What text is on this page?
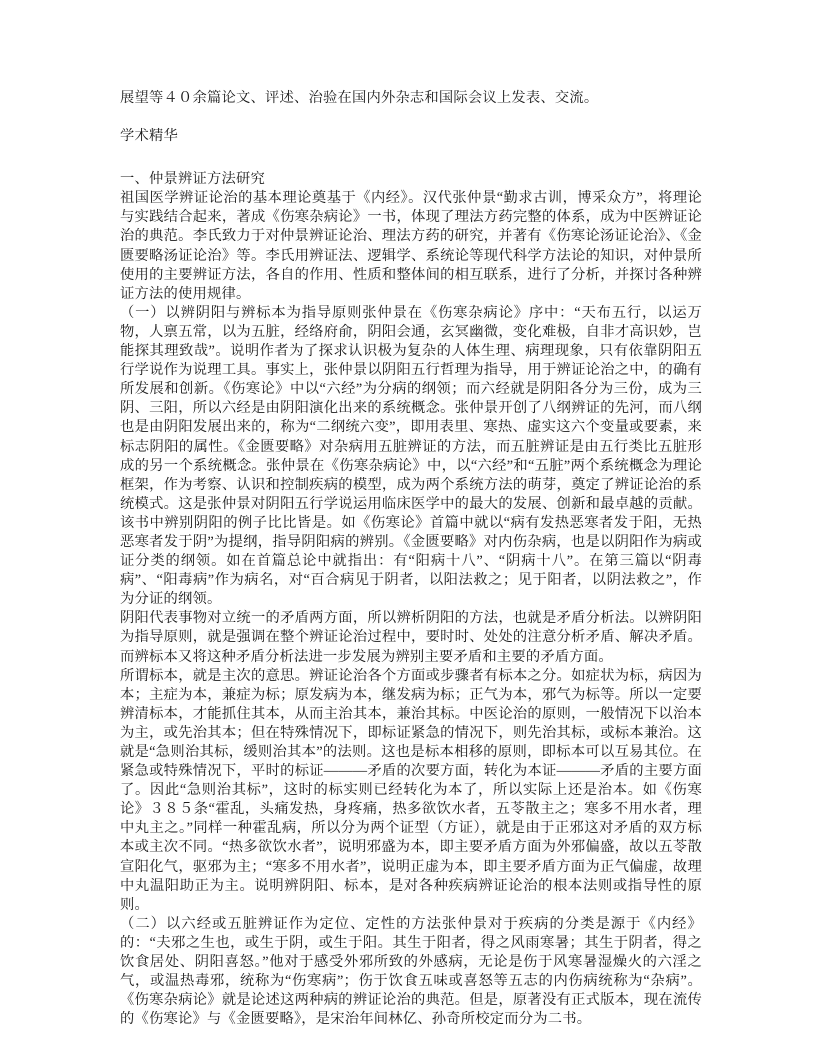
展望等４０余篇论文、评述、治验在国内外杂志和国际会议上发表、交流。

学术精华

一、仲景辨证方法研究

祖国医学辨证论治的基本理论奠基于《内经》。汉代张仲景“勤求古训，博采众方”，将理论与实践结合起来，著成《伤寒杂病论》一书，体现了理法方药完整的体系，成为中医辨证论治的典范。李氏致力于对仲景辨证论治、理法方药的研究，并著有《伤寒论汤证论治》、《金匮要略汤证论治》等。李氏用辨证法、逻辑学、系统论等现代科学方法论的知识，对仲景所使用的主要辨证方法，各自的作用、性质和整体间的相互联系，进行了分析，并探讨各种辨证方法的使用规律。

（一）以辨阴阳与辨标本为指导原则张仲景在《伤寒杂病论》序中：“天布五行，以运万物，人禀五常，以为五脏，经络府俞，阴阳会通，玄冥幽微，变化难极，自非才高识妙，岂能探其理致哉”。说明作者为了探求认识极为复杂的人体生理、病理现象，只有依靠阴阳五行学说作为说理工具。事实上，张仲景以阴阳五行哲理为指导，用于辨证论治之中，的确有所发展和创新。《伤寒论》中以“六经”为分病的纲领；而六经就是阴阳各分为三份，成为三阴、三阳，所以六经是由阴阳演化出来的系统概念。张仲景开创了八纲辨证的先河，而八纲也是由阴阳发展出来的，称为“二纲统六变”，即用表里、寒热、虚实这六个变量或要素，来标志阴阳的属性。《金匮要略》对杂病用五脏辨证的方法，而五脏辨证是由五行类比五脏形成的另一个系统概念。张仲景在《伤寒杂病论》中，以“六经”和“五脏”两个系统概念为理论框架，作为考察、认识和控制疾病的模型，成为两个系统方法的萌芽，奠定了辨证论治的系统模式。这是张仲景对阴阳五行学说运用临床医学中的最大的发展、创新和最卓越的贡献。该书中辨别阴阳的例子比比皆是。如《伤寒论》首篇中就以“病有发热恶寒者发于阳，无热恶寒者发于阴”为提纲，指导阴阳病的辨别。《金匮要略》对内伤杂病，也是以阴阳作为病或证分类的纲领。如在首篇总论中就指出：有“阳病十八”、“阴病十八”。在第三篇以“阴毒病”、“阳毒病”作为病名，对“百合病见于阴者，以阳法救之；见于阳者，以阴法救之”，作为分证的纲领。

阴阳代表事物对立统一的矛盾两方面，所以辨析阴阳的方法，也就是矛盾分析法。以辨阴阳为指导原则，就是强调在整个辨证论治过程中，要时时、处处的注意分析矛盾、解决矛盾。而辨标本又将这种矛盾分析法进一步发展为辨别主要矛盾和主要的矛盾方面。

所谓标本，就是主次的意思。辨证论治各个方面或步骤者有标本之分。如症状为标，病因为本；主症为本，兼症为标；原发病为本，继发病为标；正气为本，邪气为标等。所以一定要辨清标本，才能抓住其本，从而主治其本，兼治其标。中医论治的原则，一般情况下以治本为主，或先治其本；但在特殊情况下，即标证紧急的情况下，则先治其标，或标本兼治。这就是“急则治其标，缓则治其本”的法则。这也是标本相移的原则，即标本可以互易其位。在紧急或特殊情况下，平时的标证———矛盾的次要方面，转化为本证———矛盾的主要方面了。因此“急则治其标”，这时的标实则已经转化为本了，所以实际上还是治本。如《伤寒论》３８５条“霍乱，头痛发热，身疼痛，热多欲饮水者，五苓散主之；寒多不用水者，理中丸主之。”同样一种霍乱病，所以分为两个证型（方证），就是由于正邪这对矛盾的双方标本或主次不同。“热多欲饮水者”，说明邪盛为本，即主要矛盾方面为外邪偏盛，故以五苓散宣阳化气，驱邪为主；“寒多不用水者”，说明正虚为本，即主要矛盾方面为正气偏虚，故理中丸温阳助正为主。说明辨阴阳、标本，是对各种疾病辨证论治的根本法则或指导性的原则。

（二）以六经或五脏辨证作为定位、定性的方法张仲景对于疾病的分类是源于《内经》的：“夫邪之生也，或生于阴，或生于阳。其生于阳者，得之风雨寒暑；其生于阴者，得之饮食居处、阴阳喜怒。”他对于感受外邪所致的外感病，无论是伤于风寒暑湿燥火的六淫之气，或温热毒邪，统称为“伤寒病”；伤于饮食五味或喜怒等五志的内伤病统称为“杂病”。《伤寒杂病论》就是论述这两种病的辨证论治的典范。但是，原著没有正式版本，现在流传的《伤寒论》与《金匮要略》，是宋治年间林亿、孙奇所校定而分为二书。
